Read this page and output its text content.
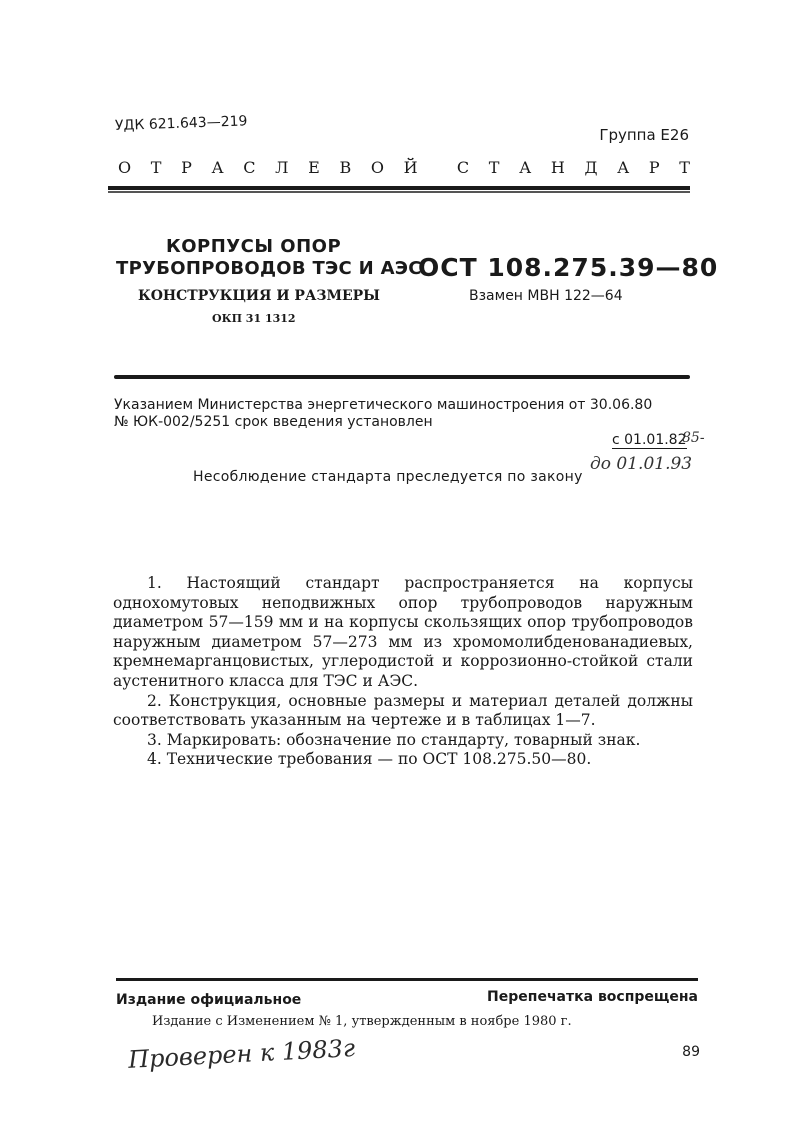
УДК 621.643—219
Группа Е26
О Т Р А С Л Е В О Й С Т А Н Д А Р Т
КОРПУСЫ ОПОР
ТРУБОПРОВОДОВ ТЭС И АЭС
КОНСТРУКЦИЯ И РАЗМЕРЫ
ОКП 31 1312
ОСТ 108.275.39—80
Взамен МВН 122—64
Указанием Министерства энергетического машиностроения от 30.06.80
№ ЮК-002/5251 срок введения установлен
с 01.01.82
85-
до 01.01.93
Несоблюдение стандарта преследуется по закону

1. Настоящий стандарт распространяется на корпусы однохомутовых неподвижных опор трубопроводов наружным диаметром 57—159 мм и на корпусы скользящих опор трубопроводов наружным диаметром 57—273 мм из хромомолибденованадиевых, кремнемарганцовистых, углеродистой и коррозионно-стойкой стали аустенитного класса для ТЭС и АЭС.

2. Конструкция, основные размеры и материал деталей должны соответствовать указанным на чертеже и в таблицах 1—7.

3. Маркировать: обозначение по стандарту, товарный знак.

4. Технические требования — по ОСТ 108.275.50—80.

Издание официальное	Перепечатка воспрещена
Издание с Изменением № 1, утвержденным в ноябре 1980 г.
89
Проверен к 1983г
